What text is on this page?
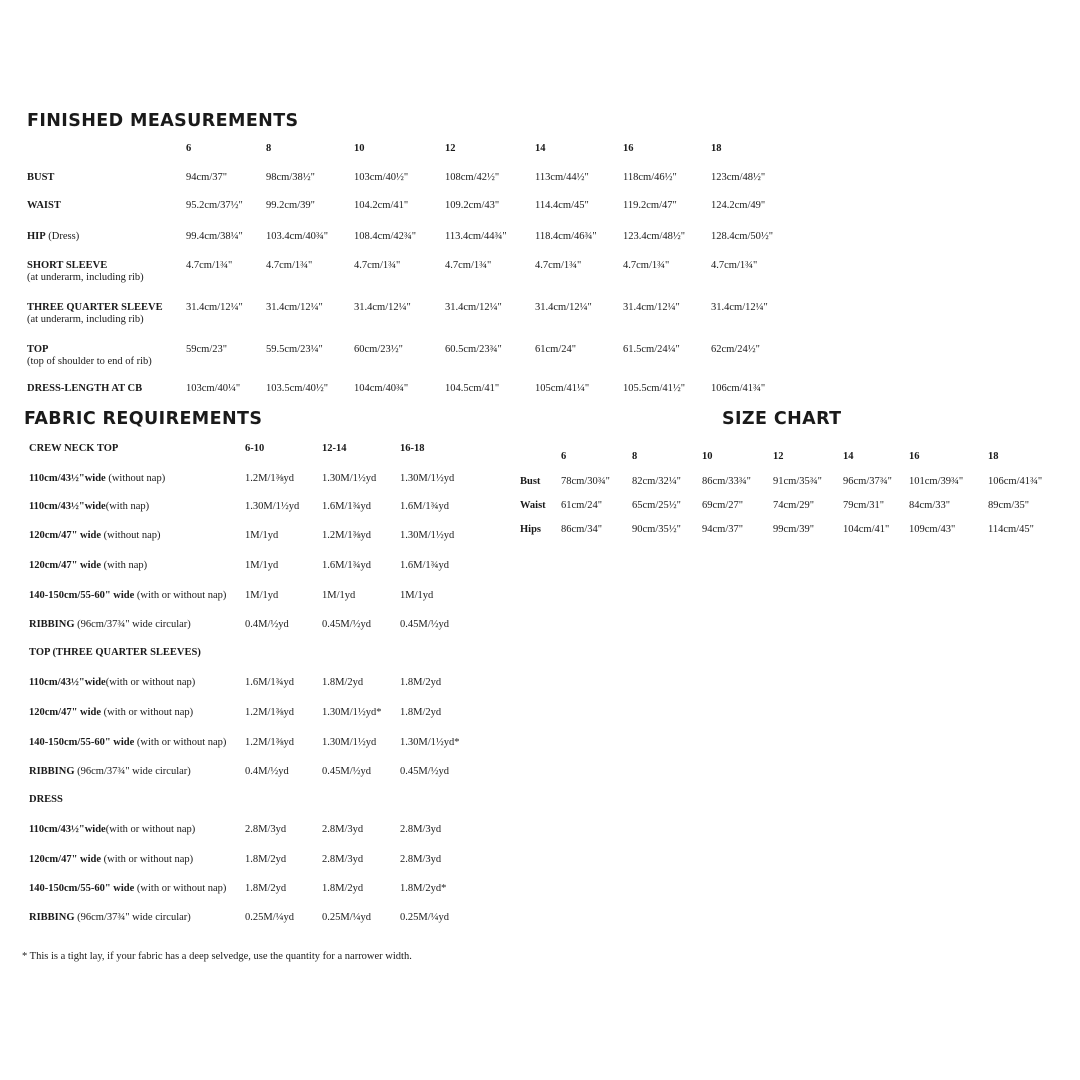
FINISHED MEASUREMENTS
6	8	10	12	14	16	18
BUST	94cm/37"	98cm/38½"	103cm/40½"	108cm/42½"	113cm/44½"	118cm/46½"	123cm/48½"
WAIST	95.2cm/37½" 99.2cm/39"	104.2cm/41"	109.2cm/43"	114.4cm/45"	119.2cm/47"	124.2cm/49"
HIP (Dress)	99.4cm/38¼" 103.4cm/40¾" 108.4cm/42¾"	113.4cm/44¾"	118.4cm/46¾"	123.4cm/48½" 128.4cm/50½"
SHORT SLEEVE
(at underarm, including rib)
4.7cm/1¾"	4.7cm/1¾"	4.7cm/1¾"	4.7cm/1¾"	4.7cm/1¾"	4.7cm/1¾"	4.7cm/1¾"
THREE QUARTER SLEEVE
(at underarm, including rib)
31.4cm/12¼" 31.4cm/12¼"	31.4cm/12¼"	31.4cm/12¼"	31.4cm/12¼"	31.4cm/12¼"	31.4cm/12¼"
TOP
(top of shoulder to end of rib)
59cm/23"	59.5cm/23¼"	60cm/23½"	60.5cm/23¾"	61cm/24"	61.5cm/24¼"	62cm/24½"
DRESS-LENGTH AT CB	103cm/40¼" 103.5cm/40½" 104cm/40¾"	104.5cm/41"	105cm/41¼"	105.5cm/41½" 106cm/41¾"
FABRIC REQUIREMENTS
6-10	12-14	16-18
CREW NECK TOP
110cm/43½"wide (without nap)	1.2M/1⅜yd	1.30M/1½yd 1.30M/1½yd
110cm/43½"wide(with nap)	1.30M/1½yd 1.6M/1¾yd	1.6M/1¾yd
120cm/47" wide (without nap)	1M/1yd	1.2M/1⅜yd	1.30M/1½yd
120cm/47" wide (with nap)	1M/1yd	1.6M/1¾yd	1.6M/1¾yd
140-150cm/55-60" wide (with or without nap) 1M/1yd	1M/1yd	1M/1yd
RIBBING (96cm/37¾" wide circular)	0.4M/½yd	0.45M/½yd	0.45M/½yd
TOP (THREE QUARTER SLEEVES)
110cm/43½"wide(with or without nap)	1.6M/1¾yd	1.8M/2yd	1.8M/2yd
120cm/47" wide (with or without nap)	1.2M/1⅜yd	1.30M/1½yd* 1.8M/2yd
140-150cm/55-60" wide (with or without nap) 1.2M/1⅜yd	1.30M/1½yd 1.30M/1½yd*
RIBBING (96cm/37¾" wide circular)	0.4M/½yd	0.45M/½yd	0.45M/½yd
DRESS
110cm/43½"wide(with or without nap)	2.8M/3yd	2.8M/3yd	2.8M/3yd
120cm/47" wide (with or without nap)	1.8M/2yd	2.8M/3yd	2.8M/3yd
140-150cm/55-60" wide (with or without nap) 1.8M/2yd	1.8M/2yd	1.8M/2yd*
RIBBING (96cm/37¾" wide circular)	0.25M/¼yd	0.25M/¼yd	0.25M/¼yd
SIZE CHART
6	8	10	12	14	16	18
Bust 78cm/30¾" 82cm/32¼" 86cm/33¾" 91cm/35¾" 96cm/37¾" 101cm/39¾" 106cm/41¾"
Waist 61cm/24"	65cm/25½" 69cm/27"	74cm/29"	79cm/31" 84cm/33"	89cm/35"
Hips 86cm/34"	90cm/35½" 94cm/37"	99cm/39"	104cm/41" 109cm/43"	114cm/45"
* This is a tight lay, if your fabric has a deep selvedge, use the quantity for a narrower width.
